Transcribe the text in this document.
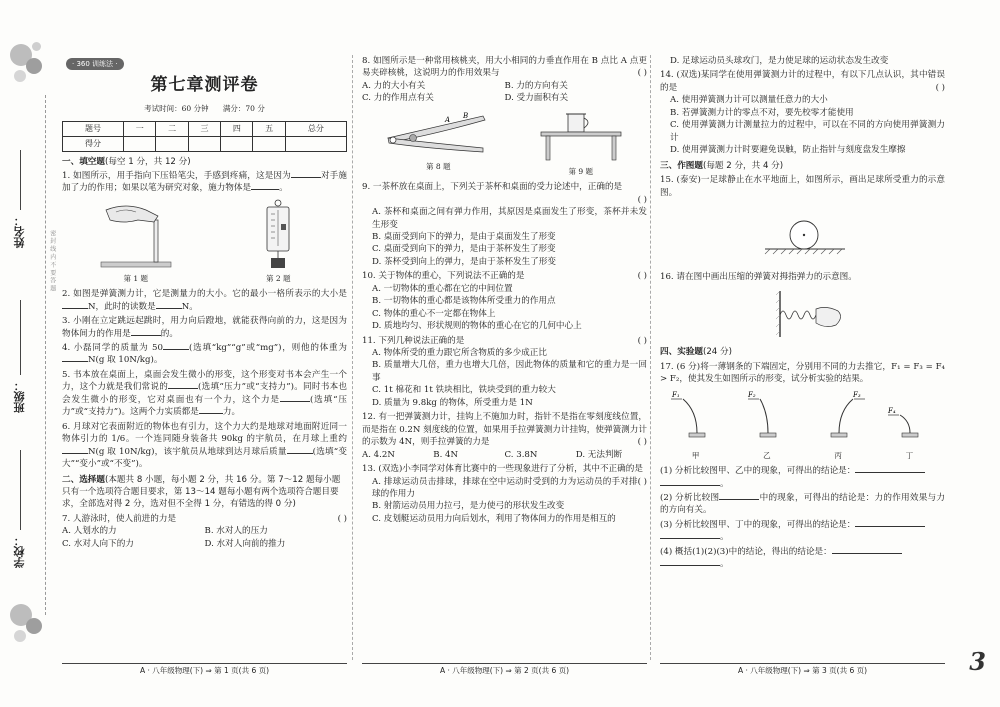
姓名：
班级：
学校：
密 封 线 内 不 要 答 题
· 360 训练法 ·
第七章测评卷
考试时间：60 分钟 满分：70 分
题号	一	二	三	四	五	总分
得分						
一、填空题(每空 1 分，共 12 分)
1. 如图所示，用手指向下压铅笔尖，手感到疼痛，这是因为	对手施加了力的作用；如果以笔为研究对象，施力物体是	。
第 1 题	第 2 题
2. 如图是弹簧测力计，它是测量力的大小。它的最小一格所表示的大小是N，此时的读数是	N。
3. 小刚在立定跳远起跳时，用力向后蹬地，就能获得向前的力，这是因为物体间力的作用是	的。
4. 小磊同学的质量为 50	(选填“kg”“g”或“mg”)，则他的体重为N(g 取 10N/kg)。
5. 书本放在桌面上，桌面会发生微小的形变，这个形变对书本会产生一个力，这个力就是我们常说的	(选填“压力”或“支持力”)。同时书本也会发生微小的形变，它对桌面也有一个力，这个力是	(选填“压力”或“支持力”)。这两个力实质都是	力。
6. 月球对它表面附近的物体也有引力，这个力大约是地球对地面附近同一物体引力的 1/6。一个连同随身装备共 90kg 的宇航员，在月球上重约N(g 取 10N/kg)，该宇航员从地球到达月球后质量	(选填“变大”“变小”或“不变”)。
二、选择题(本题共 8 小题，每小题 2 分，共 16 分。第 7～12 题每小题只有一个选项符合题目要求，第 13～14 题每小题有两个选项符合题目要求，全部选对得 2 分，选对但不全得 1 分，有错选的得 0 分)
7. 人游泳时，使人前进的力是	( )
A. 人划水的力	B. 水对人的压力
C. 水对人向下的力	D. 水对人向前的推力
8. 如图所示是一种常用核桃夹，用大小相同的力垂直作用在 B 点比 A 点更易夹碎核桃，这说明力的作用效果与	( )
A. 力的大小有关	B. 力的方向有关
C. 力的作用点有关	D. 受力面积有关
A B
第 8 题
第 9 题
9. 一茶杯放在桌面上，下列关于茶杯和桌面的受力论述中，正确的是

( )

A. 茶杯和桌面之间有弹力作用，其原因是桌面发生了形变，茶杯并未发生形变
B. 桌面受到向下的弹力，是由于桌面发生了形变
C. 桌面受到向下的弹力，是由于茶杯发生了形变
D. 茶杯受到向上的弹力，是由于茶杯发生了形变
10. 关于物体的重心，下列说法不正确的是	( )
A. 一切物体的重心都在它的中间位置
B. 一切物体的重心都是该物体所受重力的作用点
C. 物体的重心不一定都在物体上
D. 质地均匀、形状规则的物体的重心在它的几何中心上
11. 下列几种说法正确的是	( )
A. 物体所受的重力跟它所含物质的多少成正比
B. 质量增大几倍，重力也增大几倍，因此物体的质量和它的重力是一回事
C. 1t 棉花和 1t 铁块相比，铁块受到的重力较大
D. 质量为 9.8kg 的物体，所受重力是 1N
12. 有一把弹簧测力计，挂钩上不施加力时，指针不是指在零刻度线位置，而是指在 0.2N 刻度线的位置，如果用手拉弹簧测力计挂钩，使弹簧测力计的示数为 4N，则手拉弹簧的力是	( )
A. 4.2N	B. 4N	C. 3.8N	D. 无法判断
13. (双选)小李同学对体育比赛中的一些现象进行了分析，其中不正确的是
( )
A. 排球运动员击排球，排球在空中运动时受到的力为运动员的手对排球的作用力
B. 射箭运动员用力拉弓，是力使弓的形状发生改变
C. 皮划艇运动员用力向后划水，利用了物体间力的作用是相互的
D. 足球运动员头球攻门，是力使足球的运动状态发生改变
14. (双选)某同学在使用弹簧测力计的过程中，有以下几点认识，其中错误的是	( )
A. 使用弹簧测力计可以测量任意力的大小
B. 若弹簧测力计的零点不对，要先校零才能使用
C. 使用弹簧测力计测量拉力的过程中，可以在不同的方向使用弹簧测力计
D. 使用弹簧测力计时要避免误触，防止指针与刻度盘发生摩擦
三、作图题(每题 2 分，共 4 分)
15. (泰安)一足球静止在水平地面上，如图所示，画出足球所受重力的示意图。
16. 请在图中画出压缩的弹簧对拇指弹力的示意图。
四、实验题(24 分)
17. (6 分)将一薄钢条的下端固定，分别用不同的力去推它，F₁ = F₃ = F₄ > F₂，使其发生如图所示的形变，试分析实验的结果。
F₁
甲
F₂
乙
F₃
丙
F₄
丁
(1) 分析比较图甲、乙中的现象，可得出的结论是：
。
(2) 分析比较图	中的现象，可得出的结论是：力的作用效果与力的方向有关。
(3) 分析比较图甲、丁中的现象，可得出的结论是：
。
(4) 概括(1)(2)(3)中的结论，得出的结论是：
。
A · 八年级物理(下) ⇒ 第 1 页(共 6 页)	A · 八年级物理(下) ⇒ 第 2 页(共 6 页)	A · 八年级物理(下) ⇒ 第 3 页(共 6 页)	3
